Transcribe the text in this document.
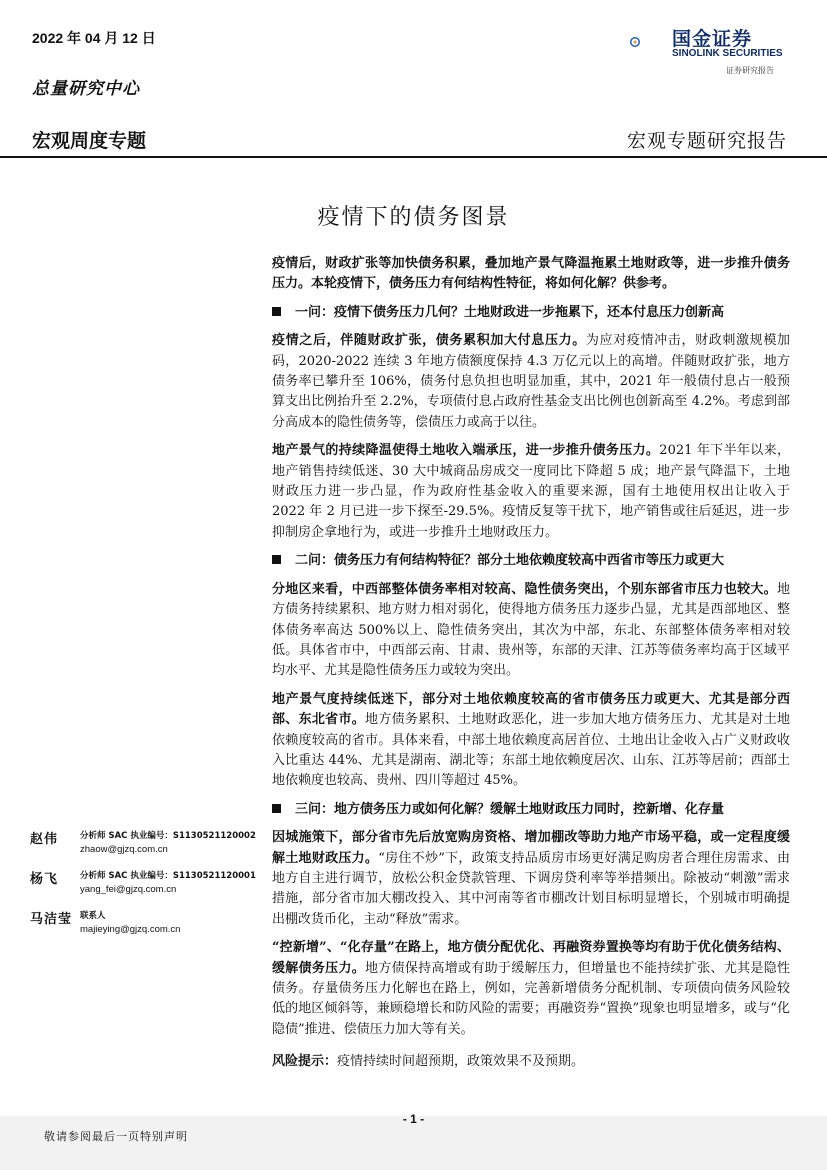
2022 年 04 月 12 日
总量研究中心
宏观周度专题	宏观专题研究报告
国金证券
SINOLINK SECURITIES
证券研究报告
疫情下的债务图景

疫情后，财政扩张等加快债务积累，叠加地产景气降温拖累土地财政等，进一步推升债务压力。本轮疫情下，债务压力有何结构性特征，将如何化解？供参考。

一问：疫情下债务压力几何？土地财政进一步拖累下，还本付息压力创新高

疫情之后，伴随财政扩张，债务累积加大付息压力。为应对疫情冲击，财政刺激规模加码，2020-2022 连续 3 年地方债额度保持 4.3 万亿元以上的高增。伴随财政扩张，地方债务率已攀升至 106%，债务付息负担也明显加重，其中，2021 年一般债付息占一般预算支出比例抬升至 2.2%，专项债付息占政府性基金支出比例也创新高至 4.2%。考虑到部分高成本的隐性债务等，偿债压力或高于以往。

地产景气的持续降温使得土地收入端承压，进一步推升债务压力。2021 年下半年以来，地产销售持续低迷、30 大中城商品房成交一度同比下降超 5 成；地产景气降温下，土地财政压力进一步凸显，作为政府性基金收入的重要来源，国有土地使用权出让收入于 2022 年 2 月已进一步下探至-29.5%。疫情反复等干扰下，地产销售或往后延迟，进一步抑制房企拿地行为，或进一步推升土地财政压力。

二问：债务压力有何结构特征？部分土地依赖度较高中西省市等压力或更大

分地区来看，中西部整体债务率相对较高、隐性债务突出，个别东部省市压力也较大。地方债务持续累积、地方财力相对弱化，使得地方债务压力逐步凸显，尤其是西部地区、整体债务率高达 500%以上、隐性债务突出，其次为中部，东北、东部整体债务率相对较低。具体省市中，中西部云南、甘肃、贵州等，东部的天津、江苏等债务率均高于区域平均水平、尤其是隐性债务压力或较为突出。

地产景气度持续低迷下，部分对土地依赖度较高的省市债务压力或更大、尤其是部分西部、东北省市。地方债务累积、土地财政恶化，进一步加大地方债务压力、尤其是对土地依赖度较高的省市。具体来看，中部土地依赖度高居首位、土地出让金收入占广义财政收入比重达 44%、尤其是湖南、湖北等；东部土地依赖度居次、山东、江苏等居前；西部土地依赖度也较高、贵州、四川等超过 45%。

三问：地方债务压力或如何化解？缓解土地财政压力同时，控新增、化存量

因城施策下，部分省市先后放宽购房资格、增加棚改等助力地产市场平稳，或一定程度缓解土地财政压力。“房住不炒”下，政策支持品质房市场更好满足购房者合理住房需求、由地方自主进行调节，放松公积金贷款管理、下调房贷利率等举措频出。除被动“刺激”需求措施，部分省市加大棚改投入、其中河南等省市棚改计划目标明显增长，个别城市明确提出棚改货币化，主动“释放”需求。

“控新增”、“化存量”在路上，地方债分配优化、再融资券置换等均有助于优化债务结构、缓解债务压力。地方债保持高增或有助于缓解压力，但增量也不能持续扩张、尤其是隐性债务。存量债务压力化解也在路上，例如，完善新增债务分配机制、专项债向债务风险较低的地区倾斜等，兼顾稳增长和防风险的需要；再融资券“置换”现象也明显增多，或与“化隐债”推进、偿债压力加大等有关。

风险提示：疫情持续时间超预期，政策效果不及预期。

赵伟	分析师 SAC 执业编号：S1130521120002
zhaow@gjzq.com.cn
杨飞	分析师 SAC 执业编号：S1130521120001
yang_fei@gjzq.com.cn
马洁莹 联系人
majieying@gjzq.com.cn
- 1 -
敬请参阅最后一页特别声明
